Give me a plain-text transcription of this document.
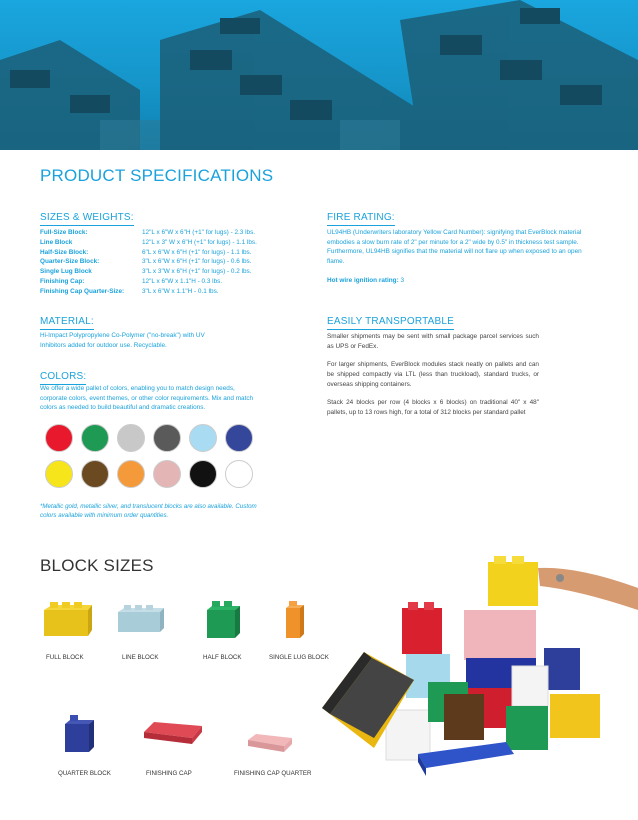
PRODUCT SPECIFICATIONS
SIZES & WEIGHTS:
Full-Size Block:	12"L x 6"W x 6"H (+1" for lugs) - 2.3 lbs.
Line Block	12"L x 3" W x 6"H (+1" for lugs) - 1.1 lbs.
Half-Size Block:	6"L x 6"W x 6"H (+1" for lugs) - 1.1 lbs.
Quarter-Size Block:	3"L x 6"W x 6"H (+1" for lugs) - 0.6 lbs.
Single Lug Block	3"L x 3"W x 6"H (+1" for lugs) - 0.2 lbs.
Finishing Cap:	12"L x 6"W x 1.1"H - 0.3 lbs.
Finishing Cap Quarter-Size:	3"L x 6"W x 1.1"H - 0.1 lbs.
FIRE RATING:
UL94HB (Underwriters laboratory Yellow Card Number): signifying that EverBlock material embodies a slow burn rate of 2" per minute for a 2" wide by 0.5" in thickness test sample. Furthermore, UL94HB signifies that the material will not flare up when exposed to an open flame.
Hot wire ignition rating: 3
MATERIAL:
Hi-Impact Polypropylene Co-Polymer ("no-break") with UV Inhibitors added for outdoor use. Recyclable.
EASILY TRANSPORTABLE

Smaller shipments may be sent with small package parcel services such as UPS or FedEx.

For larger shipments, EverBlock modules stack neatly on pallets and can be shipped compactly via LTL (less than truckload), standard trucks, or overseas shipping containers.

Stack 24 blocks per row (4 blocks x 6 blocks) on traditional 40" x 48" pallets, up to 13 rows high, for a total of 312 blocks per standard pallet

COLORS:
We offer a wide pallet of colors, enabling you to match design needs, corporate colors, event themes, or other color requirements. Mix and match colors as needed to build beautiful and dramatic creations.
*Metallic gold, metallic silver, and translucent blocks are also available. Custom colors available with minimum order quantities.
BLOCK SIZES
FULL BLOCK	LINE BLOCK	HALF BLOCK	SINGLE LUG BLOCK
QUARTER BLOCK	FINISHING CAP	FINISHING CAP QUARTER
